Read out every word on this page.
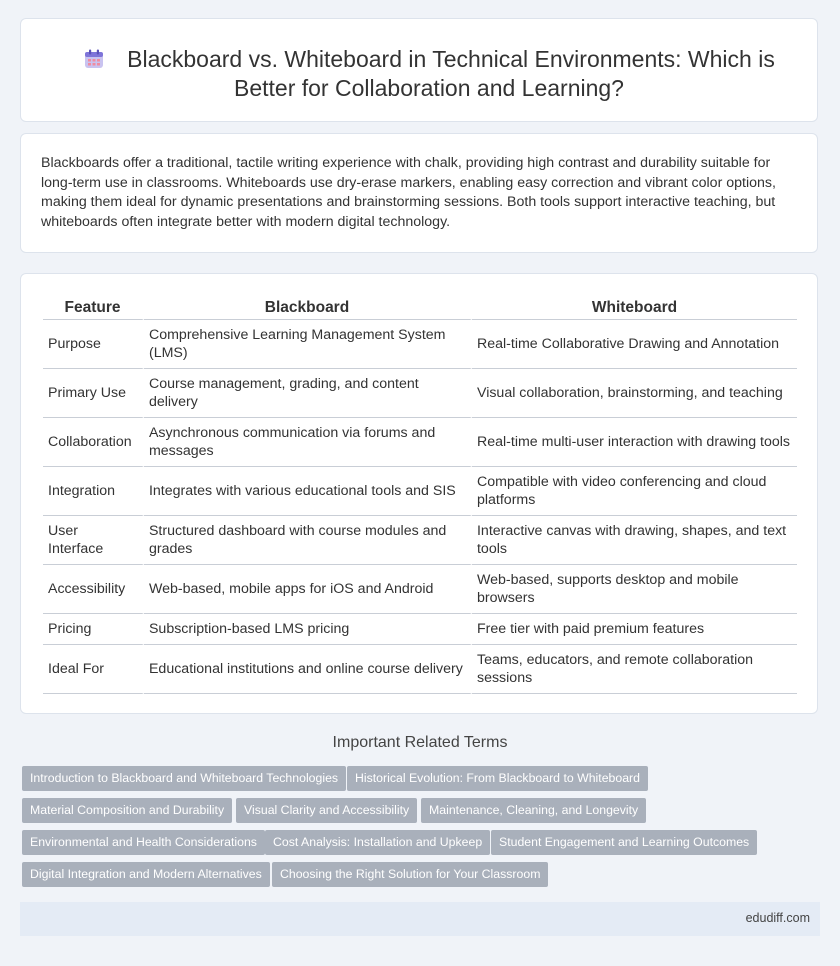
Blackboard vs. Whiteboard in Technical Environments: Which is Better for Collaboration and Learning?

Blackboards offer a traditional, tactile writing experience with chalk, providing high contrast and durability suitable for long-term use in classrooms. Whiteboards use dry-erase markers, enabling easy correction and vibrant color options, making them ideal for dynamic presentations and brainstorming sessions. Both tools support interactive teaching, but whiteboards often integrate better with modern digital technology.

Feature	Blackboard	Whiteboard
Purpose	Comprehensive Learning Management System (LMS)	Real-time Collaborative Drawing and Annotation
Primary Use	Course management, grading, and content delivery	Visual collaboration, brainstorming, and teaching
Collaboration	Asynchronous communication via forums and messages	Real-time multi-user interaction with drawing tools
Integration	Integrates with various educational tools and SIS	Compatible with video conferencing and cloud platforms
User Interface	Structured dashboard with course modules and grades	Interactive canvas with drawing, shapes, and text tools
Accessibility	Web-based, mobile apps for iOS and Android	Web-based, supports desktop and mobile browsers
Pricing	Subscription-based LMS pricing	Free tier with paid premium features
Ideal For	Educational institutions and online course delivery	Teams, educators, and remote collaboration sessions
Important Related Terms
Introduction to Blackboard and Whiteboard Technologies	Historical Evolution: From Blackboard to Whiteboard
Material Composition and Durability	Visual Clarity and Accessibility	Maintenance, Cleaning, and Longevity
Environmental and Health Considerations	Cost Analysis: Installation and Upkeep	Student Engagement and Learning Outcomes
Digital Integration and Modern Alternatives	Choosing the Right Solution for Your Classroom
edudiff.com
